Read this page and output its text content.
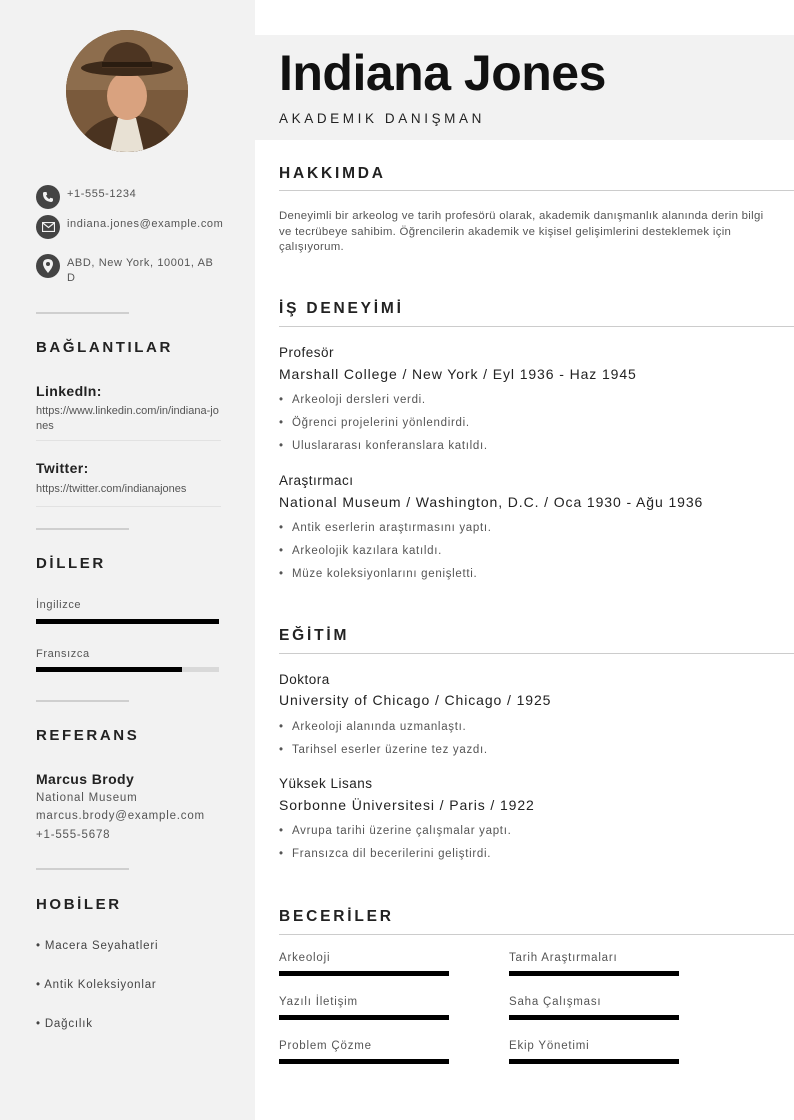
+1-555-1234
indiana.jones@example.com
ABD, New York, 10001, ABD
BAĞLANTILAR
LinkedIn:
https://www.linkedin.com/in/indiana-jones
Twitter:
https://twitter.com/indianajones
DİLLER
İngilizce
Fransızca
REFERANS
Marcus Brody
National Museum
marcus.brody@example.com
+1-555-5678
HOBİLER
• Macera Seyahatleri
• Antik Koleksiyonlar
• Dağcılık
Indiana Jones
AKADEMIK DANIŞMAN
HAKKIMDA
Deneyimli bir arkeolog ve tarih profesörü olarak, akademik danışmanlık alanında derin bilgi ve tecrübeye sahibim. Öğrencilerin akademik ve kişisel gelişimlerini desteklemek için çalışıyorum.
İŞ DENEYİMİ
Profesör
Marshall College / New York / Eyl 1936 - Haz 1945
• Arkeoloji dersleri verdi.
• Öğrenci projelerini yönlendirdi.
• Uluslararası konferanslara katıldı.
Araştırmacı
National Museum / Washington, D.C. / Oca 1930 - Ağu 1936
• Antik eserlerin araştırmasını yaptı.
• Arkeolojik kazılara katıldı.
• Müze koleksiyonlarını genişletti.
EĞİTİM
Doktora
University of Chicago / Chicago / 1925
• Arkeoloji alanında uzmanlaştı.
• Tarihsel eserler üzerine tez yazdı.
Yüksek Lisans
Sorbonne Üniversitesi / Paris / 1922
• Avrupa tarihi üzerine çalışmalar yaptı.
• Fransızca dil becerilerini geliştirdi.
BECERİLER
Arkeoloji	Tarih Araştırmaları
Yazılı İletişim	Saha Çalışması
Problem Çözme	Ekip Yönetimi
